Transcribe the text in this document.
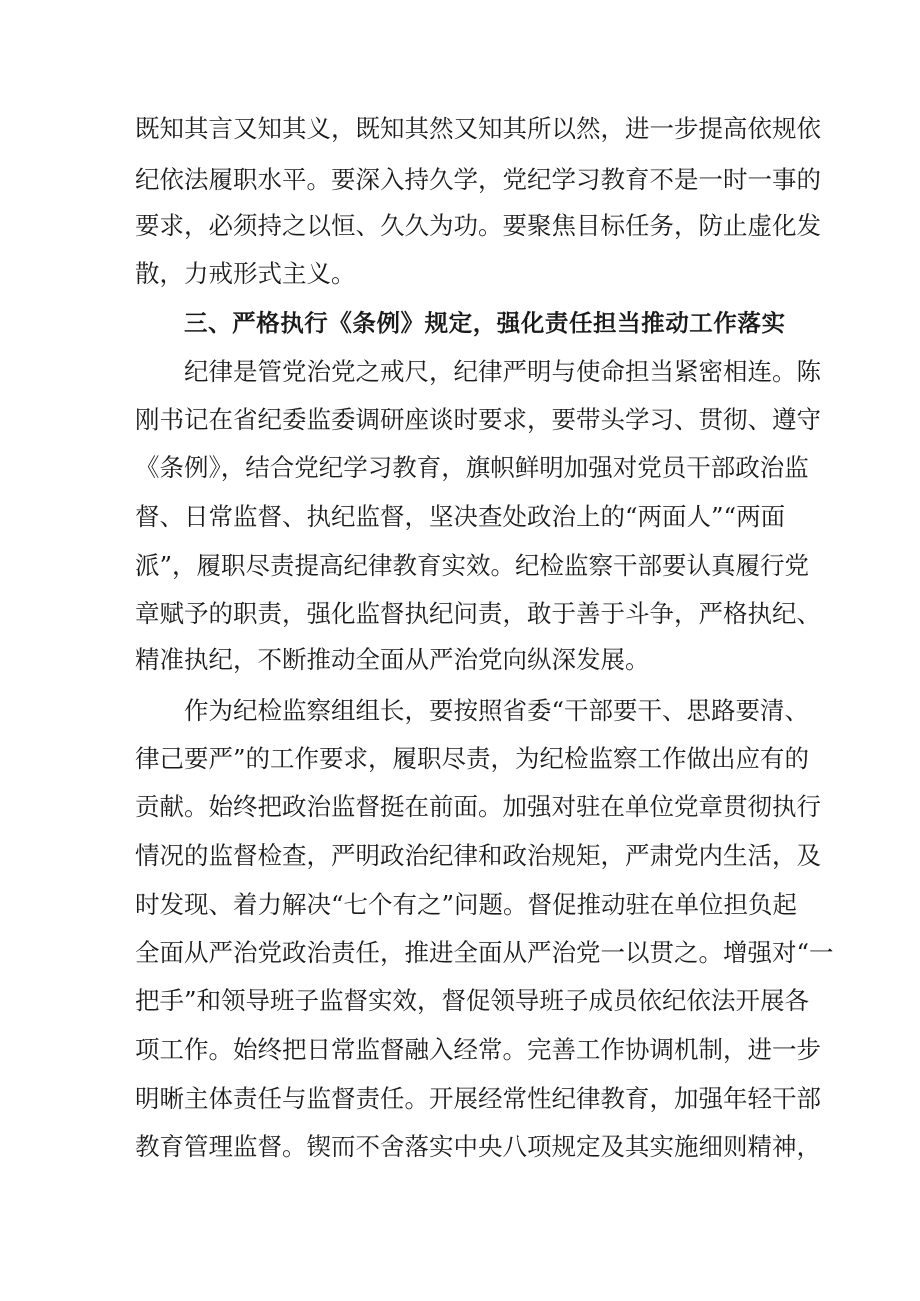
既知其言又知其义，既知其然又知其所以然，进一步提高依规依
纪依法履职水平。要深入持久学，党纪学习教育不是一时一事的
要求，必须持之以恒、久久为功。要聚焦目标任务，防止虚化发
散，力戒形式主义。
三、严格执行《条例》规定，强化责任担当推动工作落实
纪律是管党治党之戒尺，纪律严明与使命担当紧密相连。陈
刚书记在省纪委监委调研座谈时要求，要带头学习、贯彻、遵守
《条例》，结合党纪学习教育，旗帜鲜明加强对党员干部政治监
督、日常监督、执纪监督，坚决查处政治上的“两面人”“两面
派”，履职尽责提高纪律教育实效。纪检监察干部要认真履行党
章赋予的职责，强化监督执纪问责，敢于善于斗争，严格执纪、
精准执纪，不断推动全面从严治党向纵深发展。
作为纪检监察组组长，要按照省委“干部要干、思路要清、
律己要严”的工作要求，履职尽责，为纪检监察工作做出应有的
贡献。始终把政治监督挺在前面。加强对驻在单位党章贯彻执行
情况的监督检查，严明政治纪律和政治规矩，严肃党内生活，及
时发现、着力解决“七个有之”问题。督促推动驻在单位担负起
全面从严治党政治责任，推进全面从严治党一以贯之。增强对“一
把手”和领导班子监督实效，督促领导班子成员依纪依法开展各
项工作。始终把日常监督融入经常。完善工作协调机制，进一步
明晰主体责任与监督责任。开展经常性纪律教育，加强年轻干部
教育管理监督。锲而不舍落实中央八项规定及其实施细则精神，
